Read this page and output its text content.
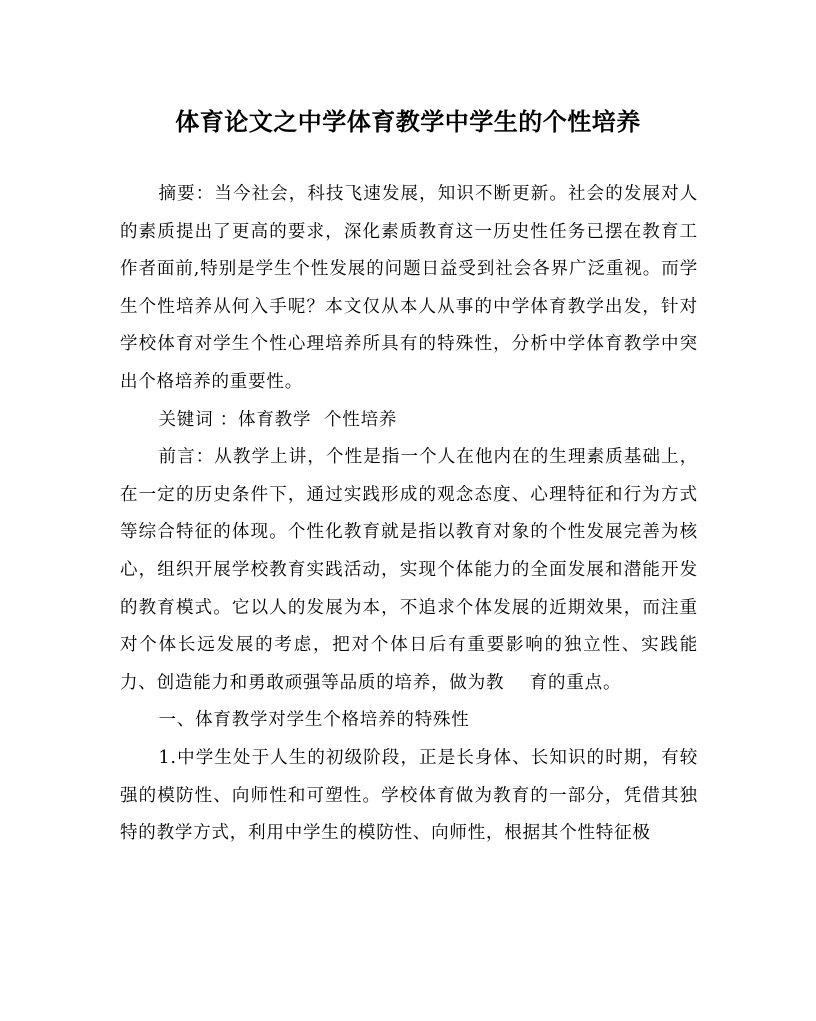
体育论文之中学体育教学中学生的个性培养

摘要：当今社会，科技飞速发展，知识不断更新。社会的发展对人的素质提出了更高的要求，深化素质教育这一历史性任务已摆在教育工作者面前,特别是学生个性发展的问题日益受到社会各界广泛重视。而学生个性培养从何入手呢？本文仅从本人从事的中学体育教学出发，针对学校体育对学生个性心理培养所具有的特殊性，分析中学体育教学中突出个格培养的重要性。

关键词 ：体育教学  个性培养

前言：从教学上讲，个性是指一个人在他内在的生理素质基础上，在一定的历史条件下，通过实践形成的观念态度、心理特征和行为方式等综合特征的体现。个性化教育就是指以教育对象的个性发展完善为核心，组织开展学校教育实践活动，实现个体能力的全面发展和潜能开发的教育模式。它以人的发展为本，不追求个体发展的近期效果，而注重对个体长远发展的考虑，把对个体日后有重要影响的独立性、实践能力、创造能力和勇敢顽强等品质的培养，做为教    育的重点。

一、体育教学对学生个格培养的特殊性

1.中学生处于人生的初级阶段，正是长身体、长知识的时期，有较强的模防性、向师性和可塑性。学校体育做为教育的一部分，凭借其独特的教学方式，利用中学生的模防性、向师性，根据其个性特征极
